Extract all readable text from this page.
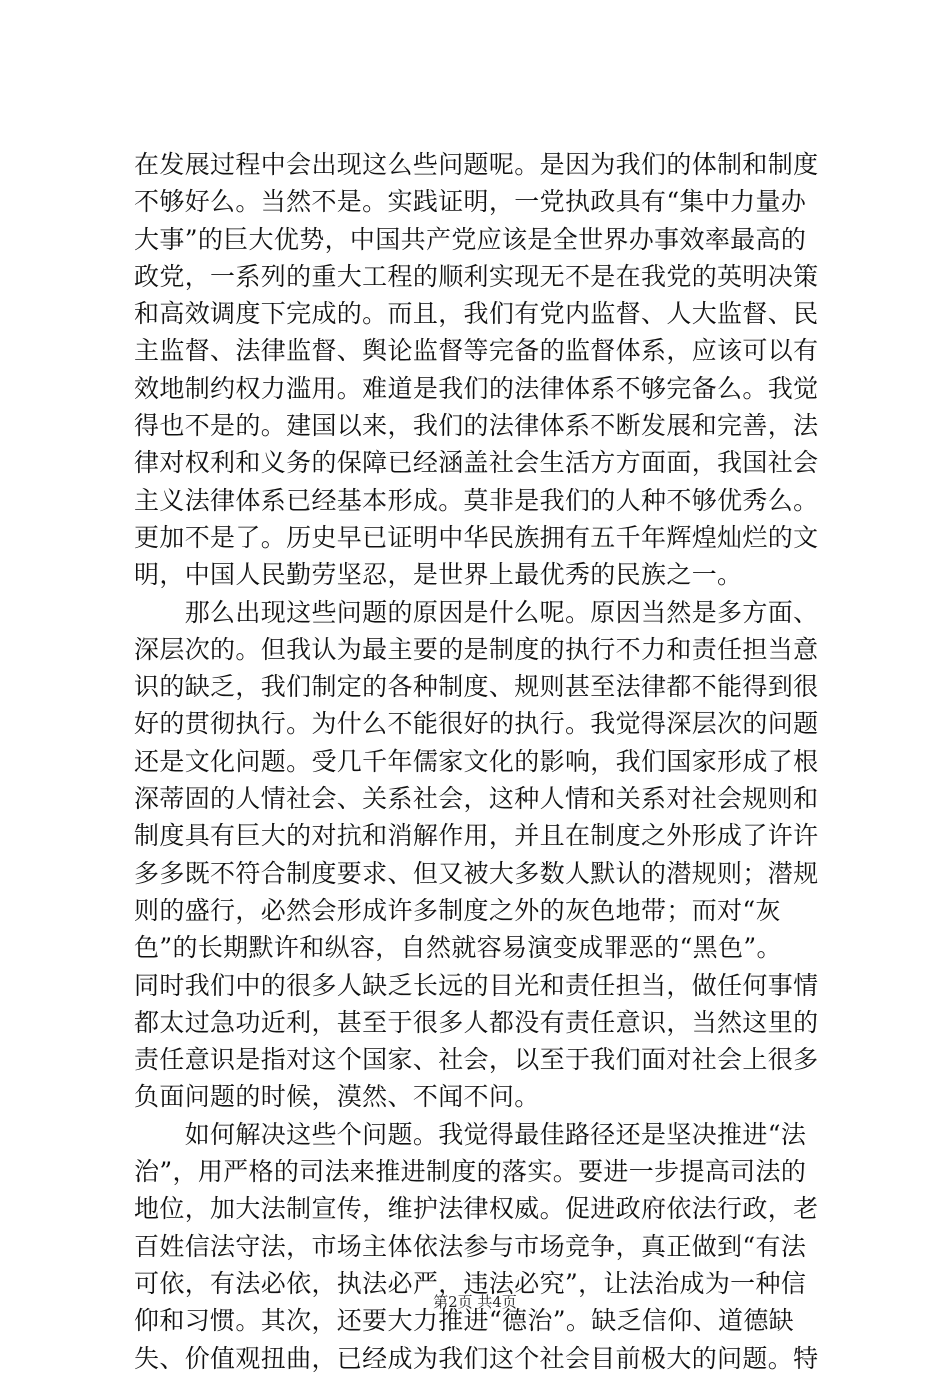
在发展过程中会出现这么些问题呢。是因为我们的体制和制度
不够好么。当然不是。实践证明，一党执政具有“集中力量办
大事”的巨大优势，中国共产党应该是全世界办事效率最高的
政党，一系列的重大工程的顺利实现无不是在我党的英明决策
和高效调度下完成的。而且，我们有党内监督、人大监督、民
主监督、法律监督、舆论监督等完备的监督体系，应该可以有
效地制约权力滥用。难道是我们的法律体系不够完备么。我觉
得也不是的。建国以来，我们的法律体系不断发展和完善，法
律对权利和义务的保障已经涵盖社会生活方方面面，我国社会
主义法律体系已经基本形成。莫非是我们的人种不够优秀么。
更加不是了。历史早已证明中华民族拥有五千年辉煌灿烂的文
明，中国人民勤劳坚忍，是世界上最优秀的民族之一。
　　那么出现这些问题的原因是什么呢。原因当然是多方面、
深层次的。但我认为最主要的是制度的执行不力和责任担当意
识的缺乏，我们制定的各种制度、规则甚至法律都不能得到很
好的贯彻执行。为什么不能很好的执行。我觉得深层次的问题
还是文化问题。受几千年儒家文化的影响，我们国家形成了根
深蒂固的人情社会、关系社会，这种人情和关系对社会规则和
制度具有巨大的对抗和消解作用，并且在制度之外形成了许许
多多既不符合制度要求、但又被大多数人默认的潜规则；潜规
则的盛行，必然会形成许多制度之外的灰色地带；而对“灰
色”的长期默许和纵容，自然就容易演变成罪恶的“黑色”。
同时我们中的很多人缺乏长远的目光和责任担当，做任何事情
都太过急功近利，甚至于很多人都没有责任意识，当然这里的
责任意识是指对这个国家、社会，以至于我们面对社会上很多
负面问题的时候，漠然、不闻不问。
　　如何解决这些个问题。我觉得最佳路径还是坚决推进“法
治”，用严格的司法来推进制度的落实。要进一步提高司法的
地位，加大法制宣传，维护法律权威。促进政府依法行政，老
百姓信法守法，市场主体依法参与市场竞争，真正做到“有法
可依，有法必依，执法必严，违法必究”，让法治成为一种信
仰和习惯。其次，还要大力推进“德治”。缺乏信仰、道德缺
失、价值观扭曲，已经成为我们这个社会目前极大的问题。特
第2页 共4页
